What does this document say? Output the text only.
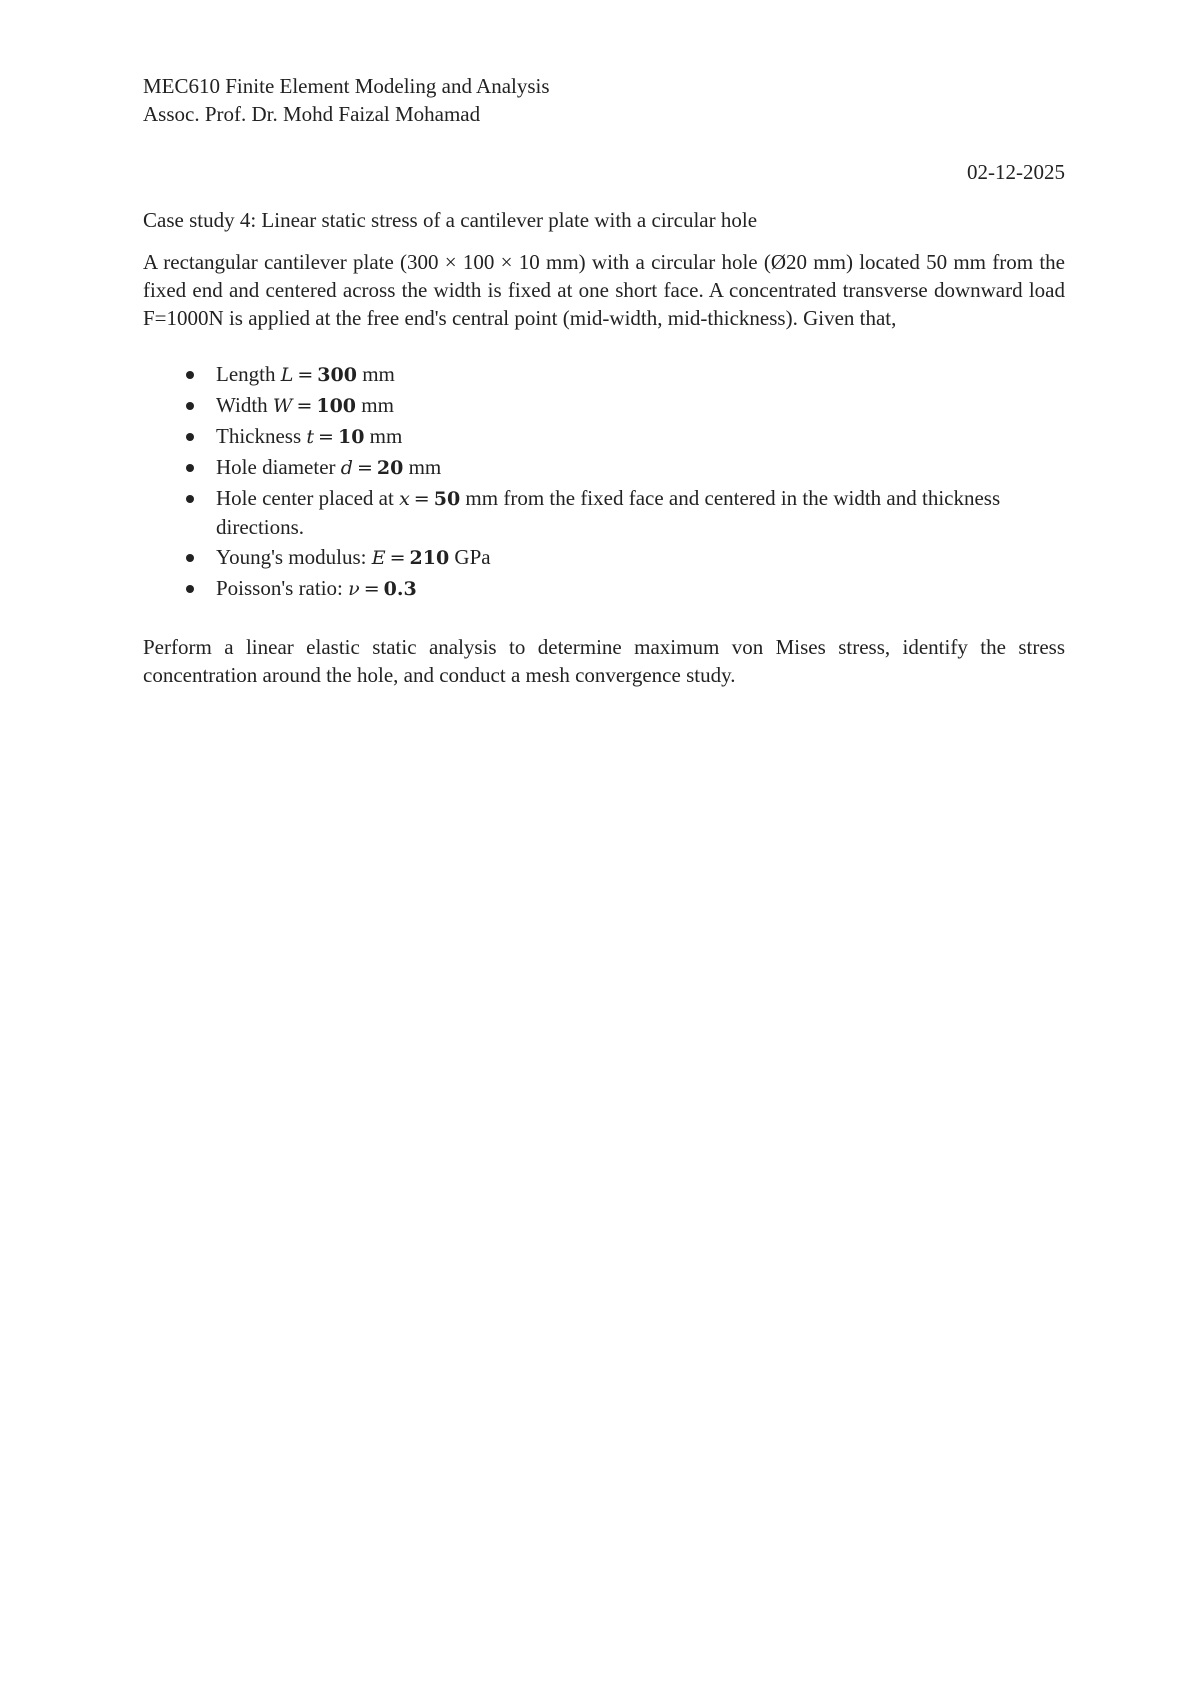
MEC610 Finite Element Modeling and Analysis

Assoc. Prof. Dr. Mohd Faizal Mohamad

02-12-2025

Case study 4: Linear static stress of a cantilever plate with a circular hole

A rectangular cantilever plate (300 × 100 × 10 mm) with a circular hole (Ø20 mm) located 50 mm from the fixed end and centered across the width is fixed at one short face. A concentrated transverse downward load F=1000N is applied at the free end's central point (mid-width, mid-thickness). Given that,

Length L = 300 mm
Width W = 100 mm
Thickness t = 10 mm
Hole diameter d = 20 mm
Hole center placed at x = 50 mm from the fixed face and centered in the width and thickness directions.
Young's modulus: E = 210 GPa
Poisson's ratio: ν = 0.3

Perform a linear elastic static analysis to determine maximum von Mises stress, identify the stress concentration around the hole, and conduct a mesh convergence study.
